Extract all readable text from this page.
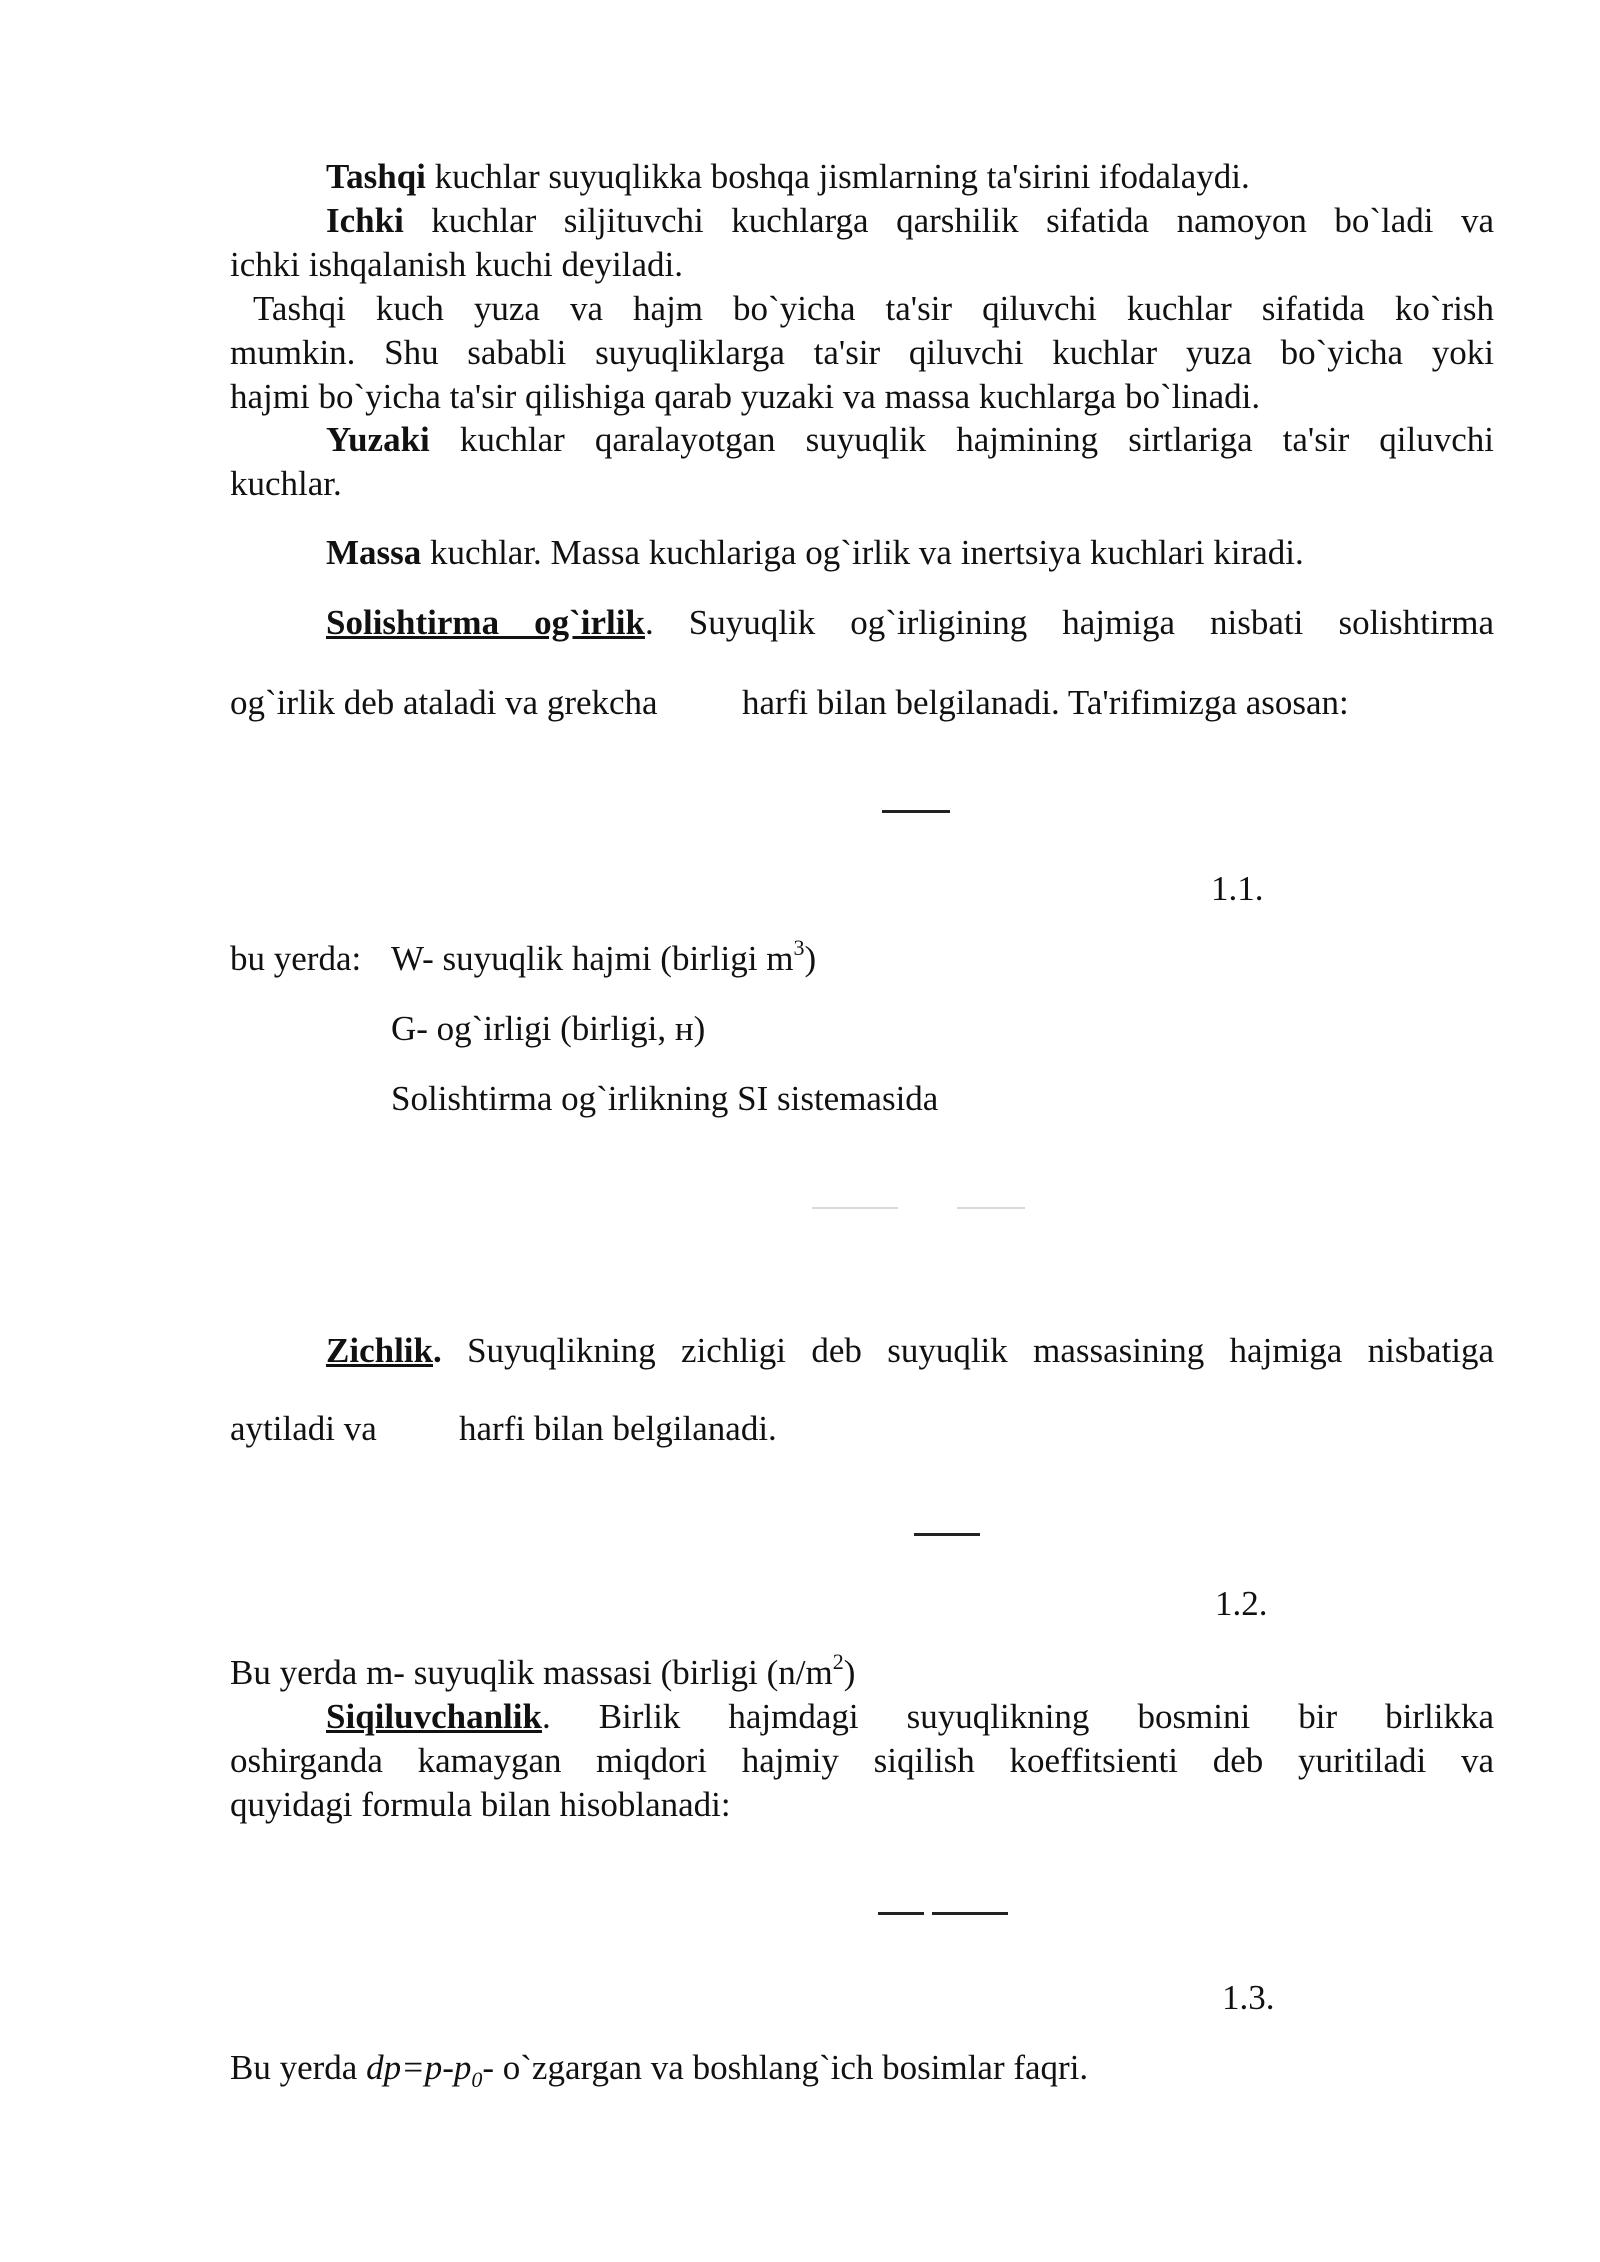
Tashqi kuchlar suyuqlikka boshqa jismlarning ta'sirini ifodalaydi.
Ichki kuchlar siljituvchi kuchlarga qarshilik sifatida namoyon bo`ladi va
ichki ishqalanish kuchi deyiladi.
Tashqi kuch yuza va hajm bo`yicha ta'sir qiluvchi kuchlar sifatida ko`rish
mumkin. Shu sababli suyuqliklarga ta'sir qiluvchi kuchlar yuza bo`yicha yoki
hajmi bo`yicha ta'sir qilishiga qarab yuzaki va massa kuchlarga bo`linadi.
Yuzaki kuchlar qaralayotgan suyuqlik hajmining sirtlariga ta'sir qiluvchi
kuchlar.
Massa kuchlar. Massa kuchlariga og`irlik va inertsiya kuchlari kiradi.
Solishtirma og`irlik. Suyuqlik og`irligining hajmiga nisbati solishtirma
og`irlik deb ataladi va grekcha harfi bilan belgilanadi. Ta'rifimizga asosan:
1.1.
bu yerda: W- suyuqlik hajmi (birligi $m^3$)
G- og`irligi (birligi, н)
Solishtirma og`irlikning SI sistemasida
Zichlik. Suyuqlikning zichligi deb suyuqlik massasining hajmiga nisbatiga
aytiladi va harfi bilan belgilanadi.
1.2.
Bu yerda m- suyuqlik massasi (birligi $(n/m^2)$
Siqiluvchanlik. Birlik hajmdagi suyuqlikning bosmini bir birlikka
oshirganda kamaygan miqdori hajmiy siqilish koeffitsienti deb yuritiladi va
quyidagi formula bilan hisoblanadi:
1.3.
Bu yerda $dp=p-p_0-$ o`zgargan va boshlang`ich bosimlar faqri.
